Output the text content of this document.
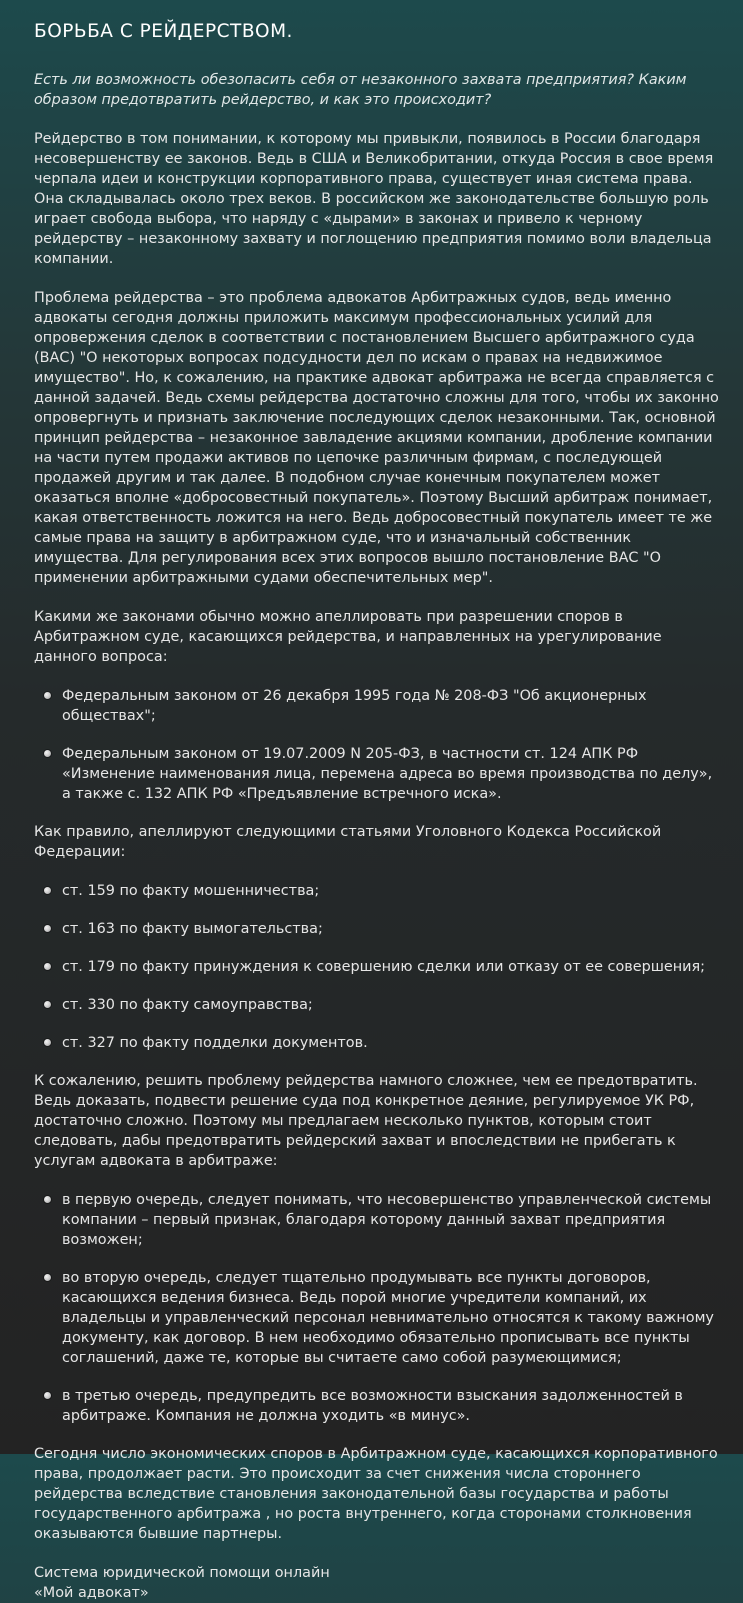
БОРЬБА С РЕЙДЕРСТВОМ.

Есть ли возможность обезопасить себя от незаконного захвата предприятия? Каким образом предотвратить рейдерство, и как это происходит?

Рейдерство в том понимании, к которому мы привыкли, появилось в России благодаря несовершенству ее законов. Ведь в США и Великобритании, откуда Россия в свое время черпала идеи и конструкции корпоративного права, существует иная система права. Она складывалась около трех веков. В российском же законодательстве большую роль играет свобода выбора, что наряду с «дырами» в законах и привело к черному рейдерству – незаконному захвату и поглощению предприятия помимо воли владельца компании.

Проблема рейдерства – это проблема адвокатов Арбитражных судов, ведь именно адвокаты сегодня должны приложить максимум профессиональных усилий для опровержения сделок в соответствии с постановлением Высшего арбитражного суда (ВАС) "О некоторых вопросах подсудности дел по искам о правах на недвижимое имущество". Но, к сожалению, на практике адвокат арбитража не всегда справляется с данной задачей. Ведь схемы рейдерства достаточно сложны для того, чтобы их законно опровергнуть и признать заключение последующих сделок незаконными. Так, основной принцип рейдерства – незаконное завладение акциями компании, дробление компании на части путем продажи активов по цепочке различным фирмам, с последующей продажей другим и так далее. В подобном случае конечным покупателем может оказаться вполне «добросовестный покупатель». Поэтому Высший арбитраж понимает, какая ответственность ложится на него. Ведь добросовестный покупатель имеет те же самые права на защиту в арбитражном суде, что и изначальный собственник имущества. Для регулирования всех этих вопросов вышло постановление ВАС "О применении арбитражными судами обеспечительных мер".

Какими же законами обычно можно апеллировать при разрешении споров в Арбитражном суде, касающихся рейдерства, и направленных на урегулирование данного вопроса:

Федеральным законом от 26 декабря 1995 года № 208-ФЗ "Об акционерных обществах";
Федеральным законом от 19.07.2009 N 205-ФЗ, в частности ст. 124 АПК РФ «Изменение наименования лица, перемена адреса во время производства по делу», а также с. 132 АПК РФ «Предъявление встречного иска».

Как правило, апеллируют следующими статьями Уголовного Кодекса Российской Федерации:

ст. 159 по факту мошенничества;
ст. 163 по факту вымогательства;
ст. 179 по факту принуждения к совершению сделки или отказу от ее совершения;
ст. 330 по факту самоуправства;
ст. 327 по факту подделки документов.

К сожалению, решить проблему рейдерства намного сложнее, чем ее предотвратить. Ведь доказать, подвести решение суда под конкретное деяние, регулируемое УК РФ, достаточно сложно. Поэтому мы предлагаем несколько пунктов, которым стоит следовать, дабы предотвратить рейдерский захват и впоследствии не прибегать к услугам адвоката в арбитраже:

в первую очередь, следует понимать, что несовершенство управленческой системы компании – первый признак, благодаря которому данный захват предприятия возможен;
во вторую очередь, следует тщательно продумывать все пункты договоров, касающихся ведения бизнеса. Ведь порой многие учредители компаний, их владельцы и управленческий персонал невнимательно относятся к такому важному документу, как договор. В нем необходимо обязательно прописывать все пункты соглашений, даже те, которые вы считаете само собой разумеющимися;
в третью очередь, предупредить все возможности взыскания задолженностей в арбитраже. Компания не должна уходить «в минус».

Сегодня число экономических споров в Арбитражном суде, касающихся корпоративного права, продолжает расти. Это происходит за счет снижения числа стороннего рейдерства вследствие становления законодательной базы государства и работы государственного арбитража , но роста внутреннего, когда сторонами столкновения оказываются бывшие партнеры.

Система юридической помощи онлайн

«Мой адвокат»
